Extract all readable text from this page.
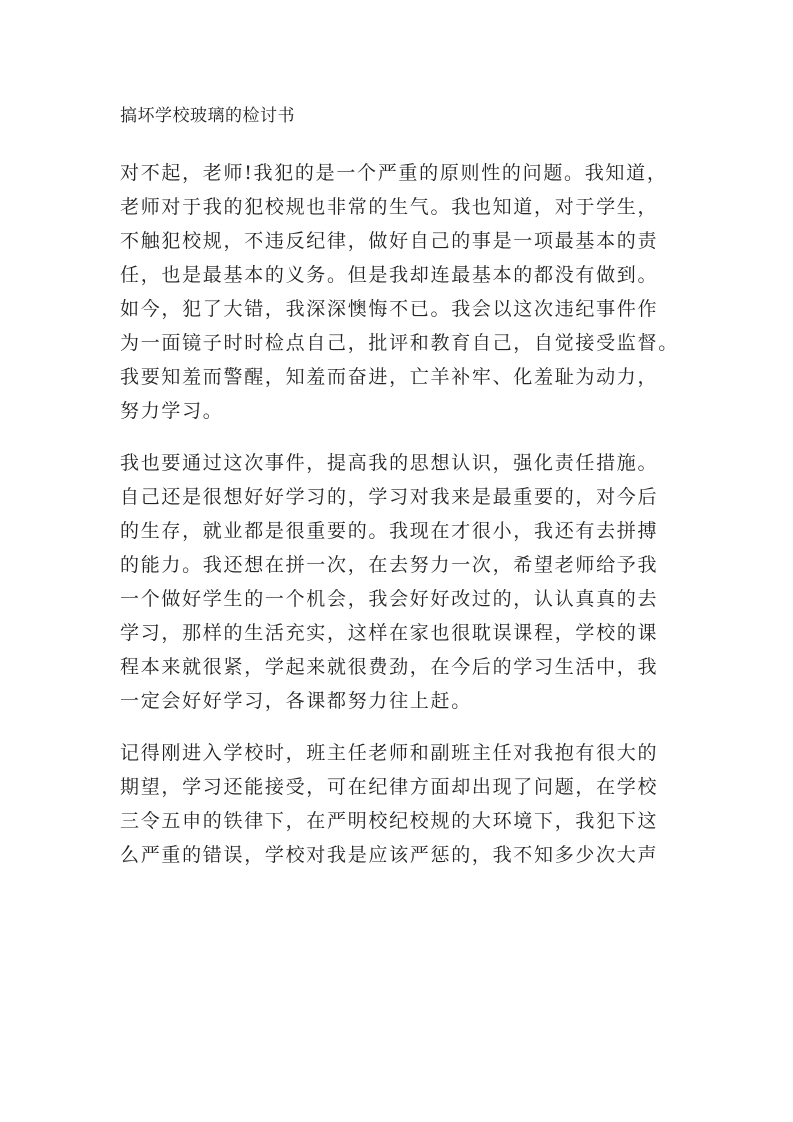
搞坏学校玻璃的检讨书
对不起，老师!我犯的是一个严重的原则性的问题。我知道，
老师对于我的犯校规也非常的生气。我也知道，对于学生，
不触犯校规，不违反纪律，做好自己的事是一项最基本的责
任，也是最基本的义务。但是我却连最基本的都没有做到。
如今，犯了大错，我深深懊悔不已。我会以这次违纪事件作
为一面镜子时时检点自己，批评和教育自己，自觉接受监督。
我要知羞而警醒，知羞而奋进，亡羊补牢、化羞耻为动力，
努力学习。
我也要通过这次事件，提高我的思想认识，强化责任措施。
自己还是很想好好学习的，学习对我来是最重要的，对今后
的生存，就业都是很重要的。我现在才很小，我还有去拼搏
的能力。我还想在拼一次，在去努力一次，希望老师给予我
一个做好学生的一个机会，我会好好改过的，认认真真的去
学习，那样的生活充实，这样在家也很耽误课程，学校的课
程本来就很紧，学起来就很费劲，在今后的学习生活中，我
一定会好好学习，各课都努力往上赶。
记得刚进入学校时，班主任老师和副班主任对我抱有很大的
期望，学习还能接受，可在纪律方面却出现了问题，在学校
三令五申的铁律下，在严明校纪校规的大环境下，我犯下这
么严重的错误，学校对我是应该严惩的，我不知多少次大声
